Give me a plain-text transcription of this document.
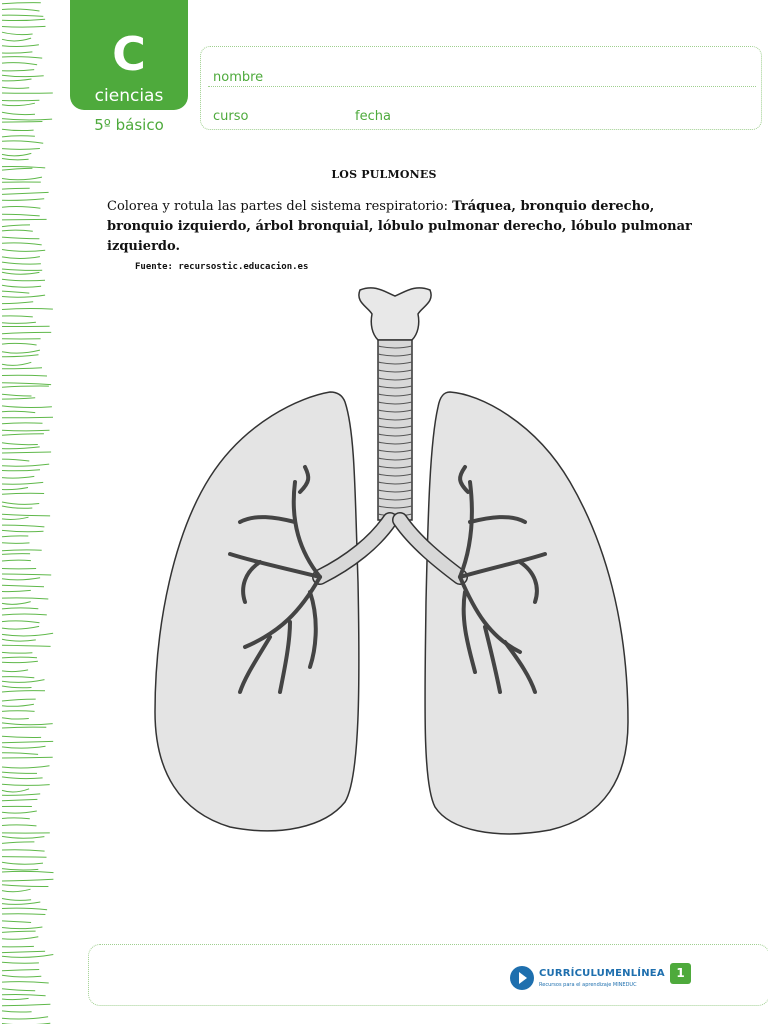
C
ciencias
5º básico
nombre
curso	fecha
LOS PULMONES
Colorea y rotula las partes del sistema respiratorio: Tráquea, bronquio derecho, bronquio izquierdo, árbol bronquial, lóbulo pulmonar derecho, lóbulo pulmonar izquierdo.
Fuente: recursostic.educacion.es
CURRÍCULUMENLÍNEA
Recursos para el aprendizaje MINEDUC
1
